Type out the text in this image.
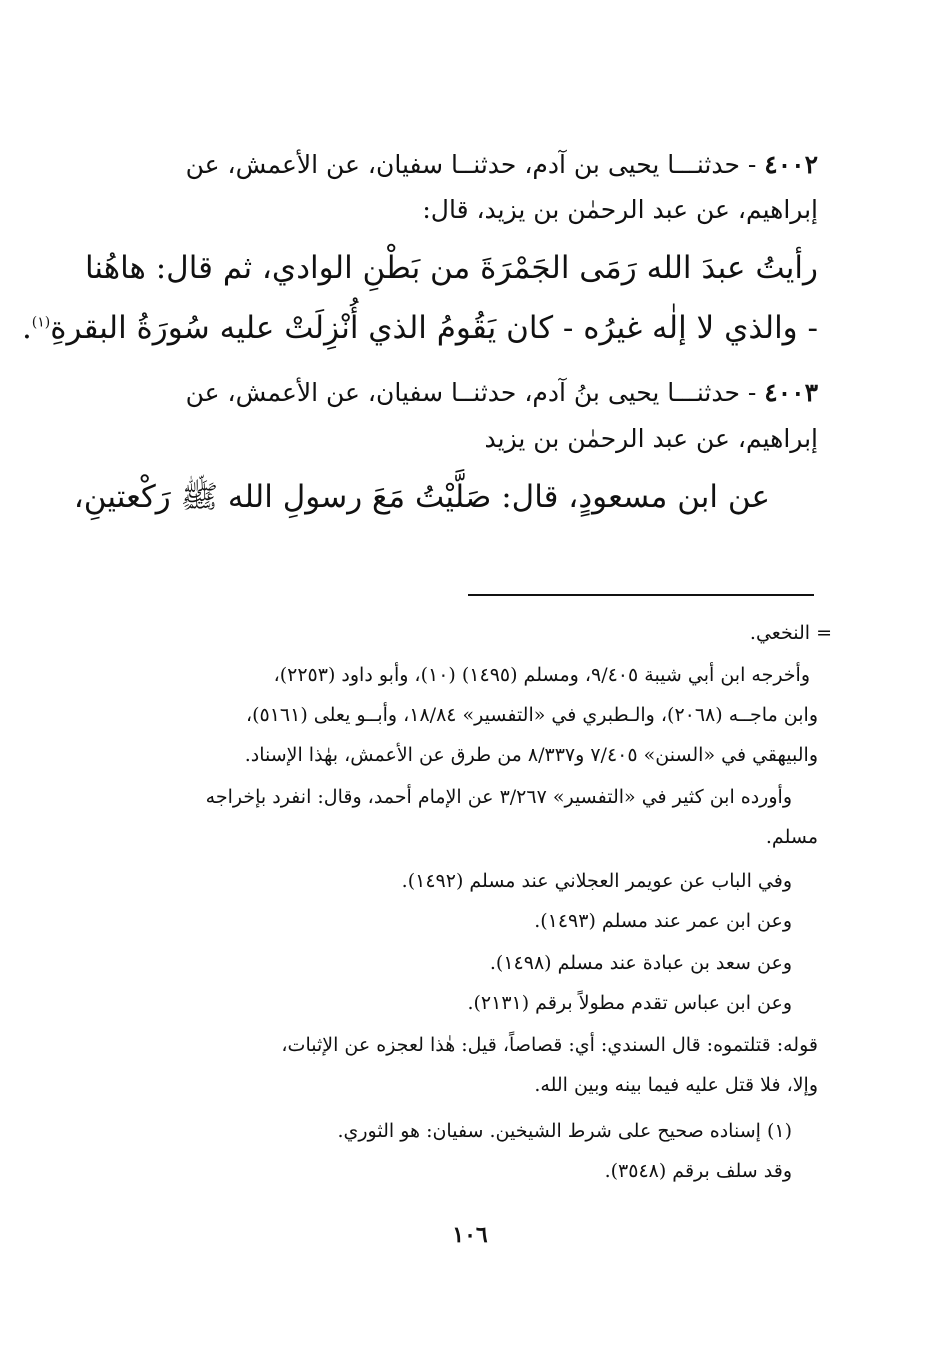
٤٠٠٢ - حدثنـــا يحيى بن آدم، حدثنــا سفيان، عن الأعمش، عن
إبراهيم، عن عبد الرحمٰن بن يزيد، قال:
رأيتُ عبدَ الله رَمَى الجَمْرَةَ من بَطْنِ الوادي، ثم قال: هاهُنا
- والذي لا إلٰه غيرُه - كان يَقُومُ الذي أُنْزِلَتْ عليه سُورَةُ البقرةِ$^{(١)}$.
٤٠٠٣ - حدثنـــا يحيى بنُ آدم، حدثنــا سفيان، عن الأعمش، عن
إبراهيم، عن عبد الرحمٰن بن يزيد
عن ابن مسعودٍ، قال: صَلَّيْتُ مَعَ رسولِ الله ﷺ رَكْعتينِ،
= النخعي.
وأخرجه ابن أبي شيبة ٩/٤٠٥، ومسلم (١٤٩٥) (١٠)، وأبو داود (٢٢٥٣)،
وابن ماجــه (٢٠٦٨)، والـطبري في «التفسير» ١٨/٨٤، وأبــو يعلى (٥١٦١)،
والبيهقي في «السنن» ٧/٤٠٥ و٨/٣٣٧ من طرق عن الأعمش، بهٰذا الإسناد.
وأورده ابن كثير في «التفسير» ٣/٢٦٧ عن الإمام أحمد، وقال: انفرد بإخراجه
مسلم.
وفي الباب عن عويمر العجلاني عند مسلم (١٤٩٢).
وعن ابن عمر عند مسلم (١٤٩٣).
وعن سعد بن عبادة عند مسلم (١٤٩٨).
وعن ابن عباس تقدم مطولاً برقم (٢١٣١).
قوله: قتلتموه: قال السندي: أي: قصاصاً، قيل: هٰذا لعجزه عن الإثبات،
وإلا، فلا قتل عليه فيما بينه وبين الله.
(١) إسناده صحيح على شرط الشيخين. سفيان: هو الثوري.
وقد سلف برقم (٣٥٤٨).
١٠٦
